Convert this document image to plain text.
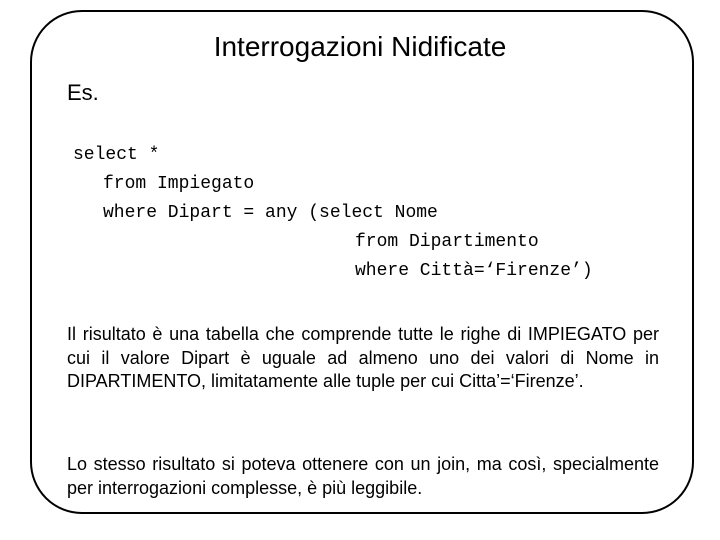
Interrogazioni Nidificate
Es.
select *
from Impiegato
where Dipart = any (select Nome
from Dipartimento
where Città=‘Firenze’)
Il risultato è una tabella che comprende tutte le righe di IMPIEGATO per cui il valore Dipart è uguale ad almeno uno dei valori di Nome in DIPARTIMENTO, limitatamente alle tuple per cui Citta’=‘Firenze’.
Lo stesso risultato si poteva ottenere con un join, ma così, specialmente per interrogazioni complesse, è più leggibile.
